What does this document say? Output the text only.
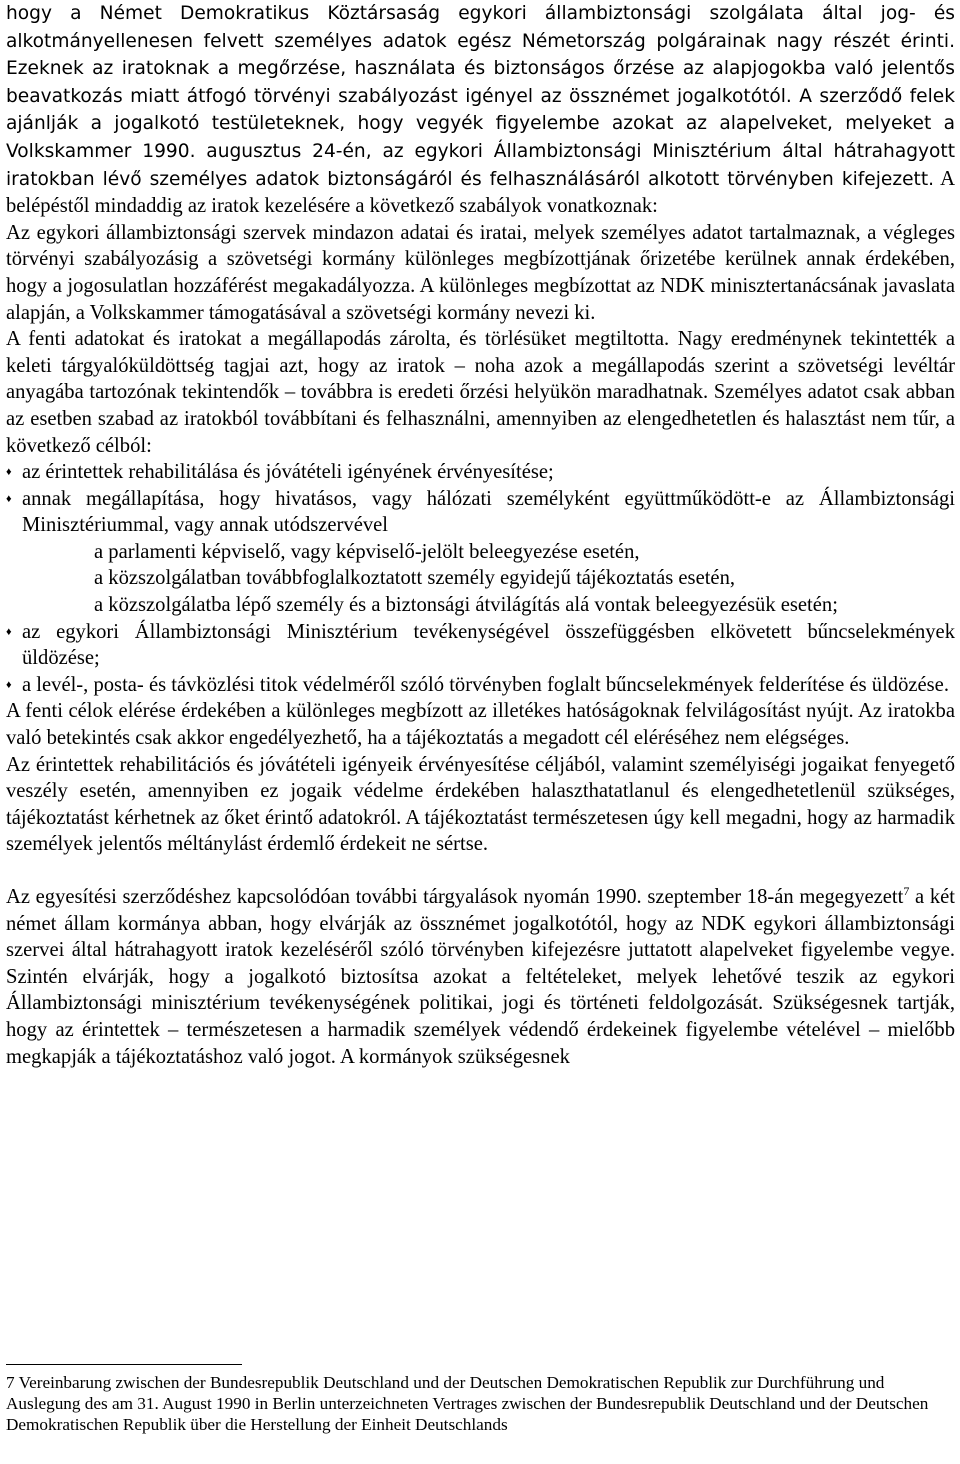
hogy a Német Demokratikus Köztársaság egykori állambiztonsági szolgálata által jog- és alkotmányellenesen felvett személyes adatok egész Németország polgárainak nagy részét érinti. Ezeknek az iratoknak a megőrzése, használata és biztonságos őrzése az alapjogokba való jelentős beavatkozás miatt átfogó törvényi szabályozást igényel az össznémet jogalkotótól. A szerződő felek ajánlják a jogalkotó testületeknek, hogy vegyék figyelembe azokat az alapelveket, melyeket a Volkskammer 1990. augusztus 24-én, az egykori Állambiztonsági Minisztérium által hátrahagyott iratokban lévő személyes adatok biztonságáról és felhasználásáról alkotott törvényben kifejezett. A belépéstől mindaddig az iratok kezelésére a következő szabályok vonatkoznak:

Az egykori állambiztonsági szervek mindazon adatai és iratai, melyek személyes adatot tartalmaznak, a végleges törvényi szabályozásig a szövetségi kormány különleges megbízottjának őrizetébe kerülnek annak érdekében, hogy a jogosulatlan hozzáférést megakadályozza. A különleges megbízottat az NDK minisztertanácsának javaslata alapján, a Volkskammer támogatásával a szövetségi kormány nevezi ki.

A fenti adatokat és iratokat a megállapodás zárolta, és törlésüket megtiltotta. Nagy eredménynek tekintették a keleti tárgyalóküldöttség tagjai azt, hogy az iratok – noha azok a megállapodás szerint a szövetségi levéltár anyagába tartozónak tekintendők – továbbra is eredeti őrzési helyükön maradhatnak. Személyes adatot csak abban az esetben szabad az iratokból továbbítani és felhasználni, amennyiben az elengedhetetlen és halasztást nem tűr, a következő célból:

♦ az érintettek rehabilitálása és jóvátételi igényének érvényesítése;
♦ annak megállapítása, hogy hivatásos, vagy hálózati személyként együttműködött-e az Állambiztonsági Minisztériummal, vagy annak utódszervével
a parlamenti képviselő, vagy képviselő-jelölt beleegyezése esetén,
a közszolgálatban továbbfoglalkoztatott személy egyidejű tájékoztatás esetén,
a közszolgálatba lépő személy és a biztonsági átvilágítás alá vontak beleegyezésük esetén;
♦ az egykori Állambiztonsági Minisztérium tevékenységével összefüggésben elkövetett bűncselekmények üldözése;
♦ a levél-, posta- és távközlési titok védelméről szóló törvényben foglalt bűncselekmények felderítése és üldözése.

A fenti célok elérése érdekében a különleges megbízott az illetékes hatóságoknak felvilágosítást nyújt. Az iratokba való betekintés csak akkor engedélyezhető, ha a tájékoztatás a megadott cél eléréséhez nem elégséges.

Az érintettek rehabilitációs és jóvátételi igényeik érvényesítése céljából, valamint személyiségi jogaikat fenyegető veszély esetén, amennyiben ez jogaik védelme érdekében halaszthatatlanul és elengedhetetlenül szükséges, tájékoztatást kérhetnek az őket érintő adatokról. A tájékoztatást természetesen úgy kell megadni, hogy az harmadik személyek jelentős méltánylást érdemlő érdekeit ne sértse.

Az egyesítési szerződéshez kapcsolódóan további tárgyalások nyomán 1990. szeptember 18-án megegyezett$^7$ a két német állam kormánya abban, hogy elvárják az össznémet jogalkotótól, hogy az NDK egykori állambiztonsági szervei által hátrahagyott iratok kezeléséről szóló törvényben kifejezésre juttatott alapelveket figyelembe vegye. Szintén elvárják, hogy a jogalkotó biztosítsa azokat a feltételeket, melyek lehetővé teszik az egykori Állambiztonsági minisztérium tevékenységének politikai, jogi és történeti feldolgozását. Szükségesnek tartják, hogy az érintettek – természetesen a harmadik személyek védendő érdekeinek figyelembe vételével – mielőbb megkapják a tájékoztatáshoz való jogot. A kormányok szükségesnek

7 Vereinbarung zwischen der Bundesrepublik Deutschland und der Deutschen Demokratischen Republik zur Durchführung und Auslegung des am 31. August 1990 in Berlin unterzeichneten Vertrages zwischen der Bundesrepublik Deutschland und der Deutschen Demokratischen Republik über die Herstellung der Einheit Deutschlands
